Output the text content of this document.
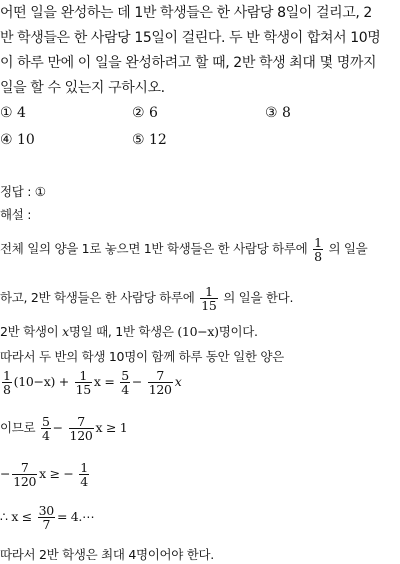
어떤 일을 완성하는 데 1반 학생들은 한 사람당 8일이 걸리고, 2
반 학생들은 한 사람당 15일이 걸린다. 두 반 학생이 합쳐서 10명
이 하루 만에 이 일을 완성하려고 할 때, 2반 학생 최대 몇 명까지
일을 할 수 있는지 구하시오.
① 4	② 6	③ 8
④ 10	⑤ 12
정답 : ①
해설 :
전체 일의 양을 1로 놓으면 1반 학생들은 한 사람당 하루에 $\frac{1}{8}$ 의 일을
하고, 2반 학생들은 한 사람당 하루에 $\frac{1}{15}$ 의 일을 한다.
2반 학생이 x명일 때, 1반 학생은 (10−x)명이다.
따라서 두 반의 학생 10명이 함께 하루 동안 일한 양은
$\frac{1}{8} (10-x) + \frac{1}{15}$ $x = \frac{5}{4} - \frac{7}{120}$ x
이므로 $\frac{5}{4} - \frac{7}{120}$ x ≥ 1
− $\frac{7}{120}$ x ≥ − $\frac{1}{4}$
∴ $x \le \frac{30}{7}$ = 4.⋯
따라서 2반 학생은 최대 4명이어야 한다.
